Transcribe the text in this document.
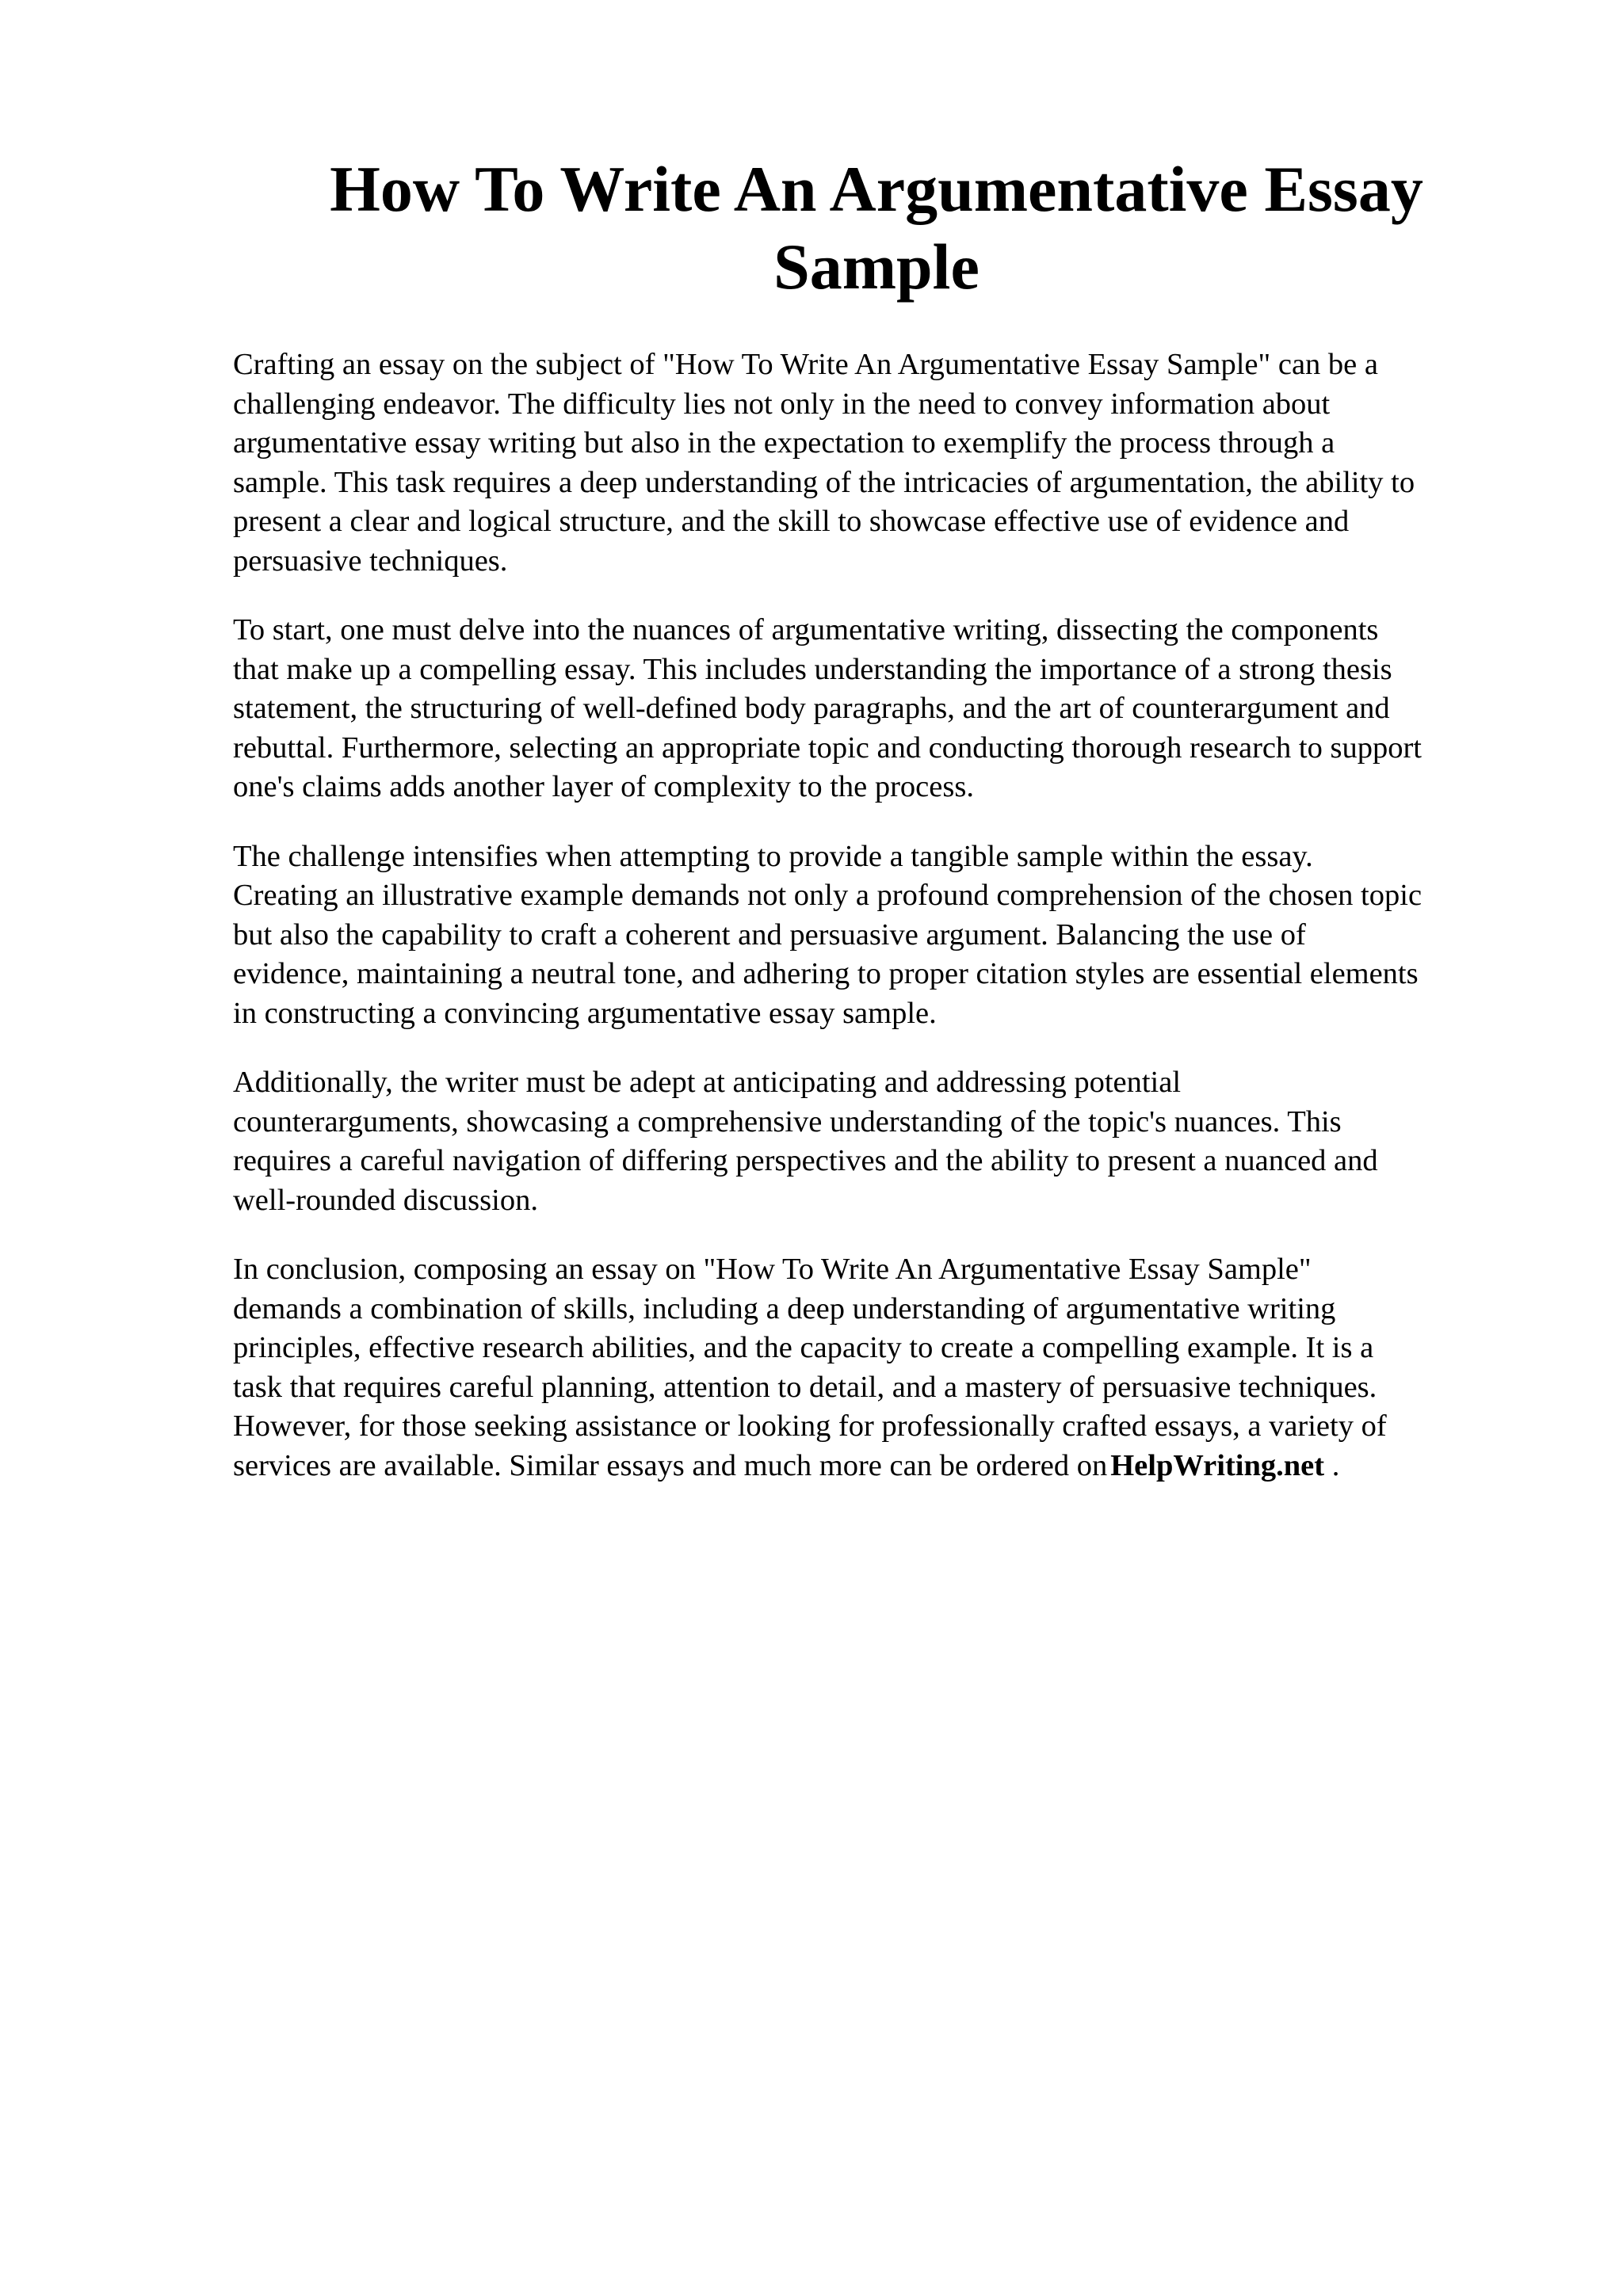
How To Write An Argumentative Essay Sample

Crafting an essay on the subject of "How To Write An Argumentative Essay Sample" can be a
challenging endeavor. The difficulty lies not only in the need to convey information about
argumentative essay writing but also in the expectation to exemplify the process through a
sample. This task requires a deep understanding of the intricacies of argumentation, the ability to
present a clear and logical structure, and the skill to showcase effective use of evidence and
persuasive techniques.

To start, one must delve into the nuances of argumentative writing, dissecting the components
that make up a compelling essay. This includes understanding the importance of a strong thesis
statement, the structuring of well-defined body paragraphs, and the art of counterargument and
rebuttal. Furthermore, selecting an appropriate topic and conducting thorough research to support
one's claims adds another layer of complexity to the process.

The challenge intensifies when attempting to provide a tangible sample within the essay.
Creating an illustrative example demands not only a profound comprehension of the chosen topic
but also the capability to craft a coherent and persuasive argument. Balancing the use of
evidence, maintaining a neutral tone, and adhering to proper citation styles are essential elements
in constructing a convincing argumentative essay sample.

Additionally, the writer must be adept at anticipating and addressing potential
counterarguments, showcasing a comprehensive understanding of the topic's nuances. This
requires a careful navigation of differing perspectives and the ability to present a nuanced and
well-rounded discussion.

In conclusion, composing an essay on "How To Write An Argumentative Essay Sample"
demands a combination of skills, including a deep understanding of argumentative writing
principles, effective research abilities, and the capacity to create a compelling example. It is a
task that requires careful planning, attention to detail, and a mastery of persuasive techniques.
However, for those seeking assistance or looking for professionally crafted essays, a variety of
services are available. Similar essays and much more can be ordered on HelpWriting.net .
